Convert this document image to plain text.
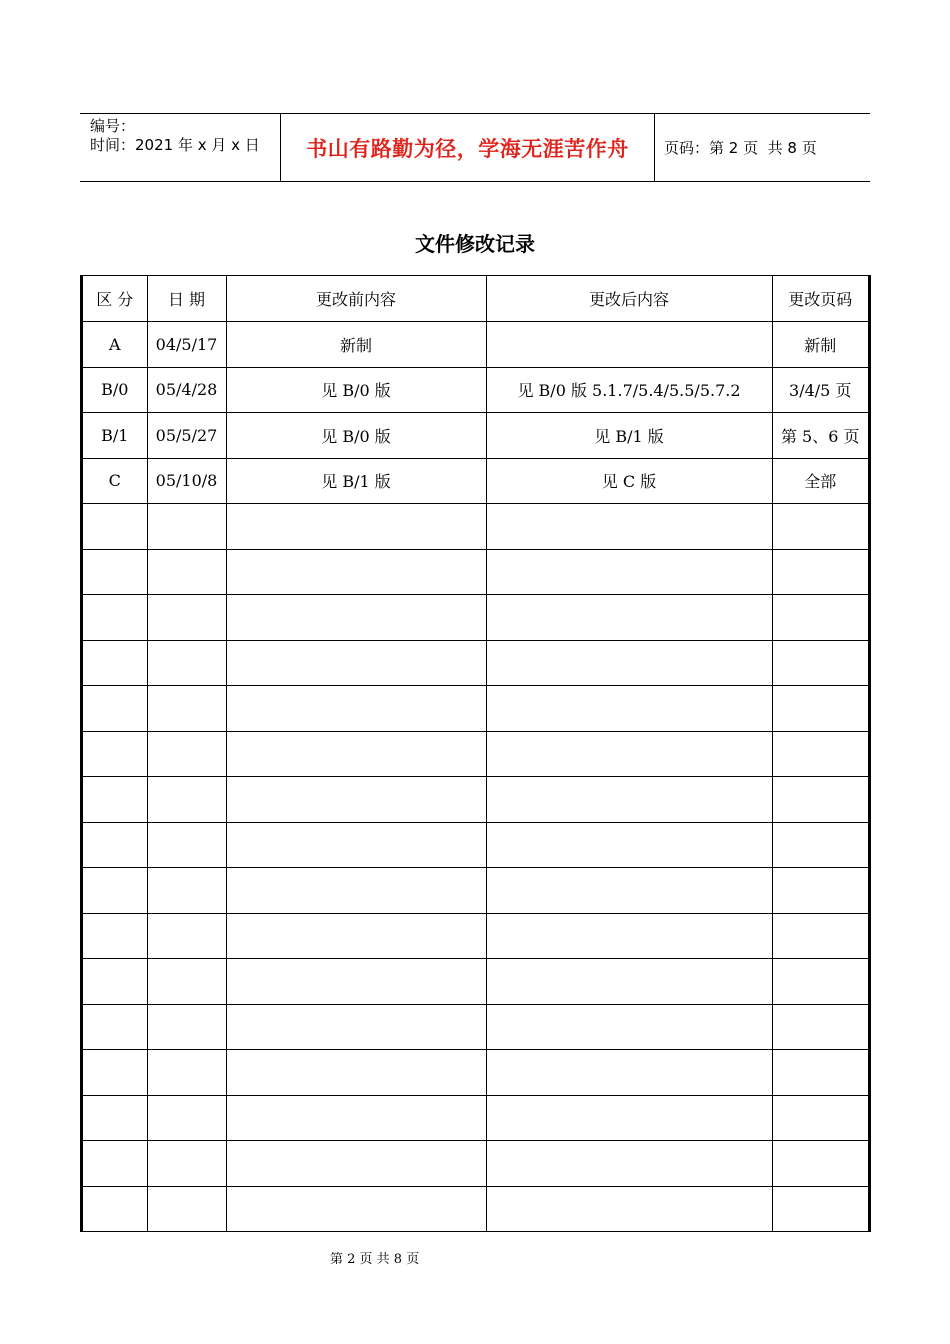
编号：
时间：2021 年 x 月 x 日	书山有路勤为径，学海无涯苦作舟	页码：第 2 页  共 8 页
文件修改记录
区 分	日 期	更改前内容	更改后内容	更改页码
A	04/5/17	新制		新制
B/0	05/4/28	见 B/0 版	见 B/0 版 5.1.7/5.4/5.5/5.7.2	3/4/5 页
B/1	05/5/27	见 B/0 版	见 B/1 版	第 5、6 页
C	05/10/8	见 B/1 版	见 C 版	全部

第 2 页 共 8 页
